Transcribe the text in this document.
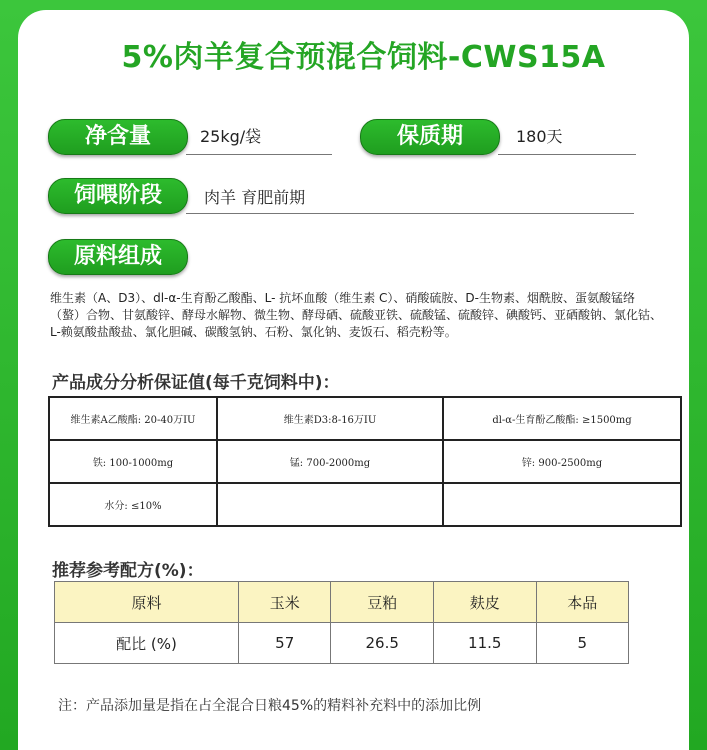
5%肉羊复合预混合饲料-CWS15A
净含量	25kg/袋	保质期	180天
饲喂阶段	肉羊 育肥前期
原料组成
维生素（A、D3）、dl-α-生育酚乙酸酯、L- 抗坏血酸（维生素 C）、硝酸硫胺、D-生物素、烟酰胺、蛋氨酸锰络（螯）合物、甘氨酸锌、酵母水解物、微生物、酵母硒、硫酸亚铁、硫酸锰、硫酸锌、碘酸钙、亚硒酸钠、氯化钴、L-赖氨酸盐酸盐、氯化胆碱、碳酸氢钠、石粉、氯化钠、麦饭石、稻壳粉等。
产品成分分析保证值(每千克饲料中)：
维生素A乙酸酯: 20-40万IU	维生素D3:8-16万IU	dl-α-生育酚乙酸酯: ≥1500mg
铁: 100-1000mg	锰: 700-2000mg	锌: 900-2500mg
水分: ≤10%		
推荐参考配方(%)：
原料	玉米	豆粕	麸皮	本品
配比 (%)	57	26.5	11.5	5
注：产品添加量是指在占全混合日粮45%的精料补充料中的添加比例
